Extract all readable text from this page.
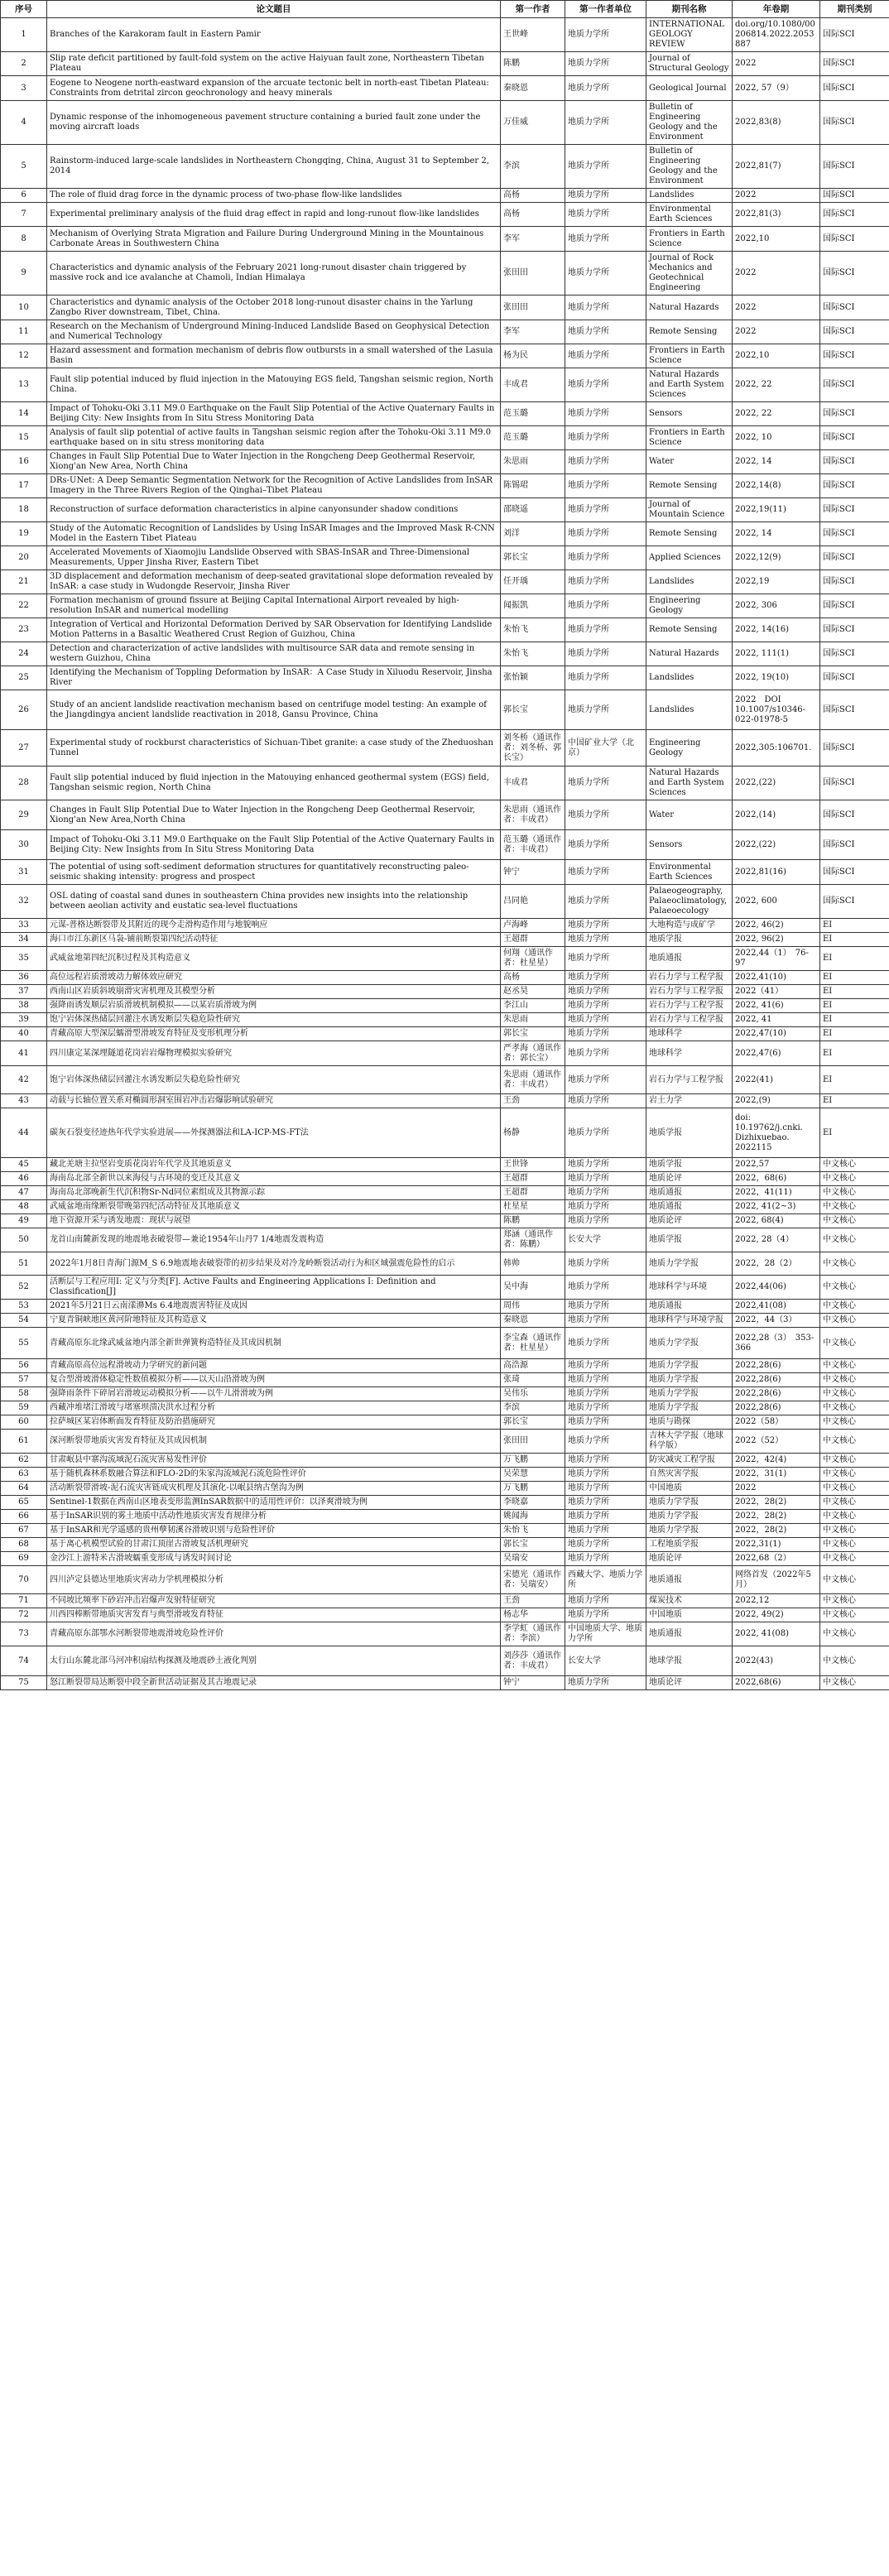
序号	论文题目	第一作者	第一作者单位	期刊名称	年卷期	期刊类别
1	Branches of the Karakoram fault in Eastern Pamir	王世峰	地质力学所	INTERNATIONAL GEOLOGY REVIEW	doi.org/10.1080/00206814.2022.2053887	国际SCI
2	Slip rate deficit partitioned by fault-fold system on the active Haiyuan fault zone, Northeastern Tibetan Plateau	陈鹏	地质力学所	Journal of Structural Geology	2022	国际SCI
3	Eogene to Neogene north-eastward expansion of the arcuate tectonic belt in north-east Tibetan Plateau: Constraints from detrital zircon geochronology and heavy minerals	秦晓恩	地质力学所	Geological Journal	2022, 57（9）	国际SCI
4	Dynamic response of the inhomogeneous pavement structure containing a buried fault zone under the moving aircraft loads	万佳威	地质力学所	Bulletin of Engineering Geology and the Environment	2022,83(8)	国际SCI
5	Rainstorm-induced large-scale landslides in Northeastern Chongqing, China, August 31 to September 2, 2014	李滨	地质力学所	Bulletin of Engineering Geology and the Environment	2022,81(7)	国际SCI
6	The role of fluid drag force in the dynamic process of two-phase flow-like landslides	高杨	地质力学所	Landslides	2022	国际SCI
7	Experimental preliminary analysis of the fluid drag effect in rapid and long-runout flow-like landslides	高杨	地质力学所	Environmental Earth Sciences	2022,81(3)	国际SCI
8	Mechanism of Overlying Strata Migration and Failure During Underground Mining in the Mountainous Carbonate Areas in Southwestern China	李军	地质力学所	Frontiers in Earth Science	2022,10	国际SCI
9	Characteristics and dynamic analysis of the February 2021 long-runout disaster chain triggered by massive rock and ice avalanche at Chamoli, Indian Himalaya	张田田	地质力学所	Journal of Rock Mechanics and Geotechnical Engineering	2022	国际SCI
10	Characteristics and dynamic analysis of the October 2018 long-runout disaster chains in the Yarlung Zangbo River downstream, Tibet, China.	张田田	地质力学所	Natural Hazards	2022	国际SCI
11	Research on the Mechanism of Underground Mining-Induced Landslide Based on Geophysical Detection and Numerical Technology	李军	地质力学所	Remote Sensing	2022	国际SCI
12	Hazard assessment and formation mechanism of debris flow outbursts in a small watershed of the Lasuia Basin	杨为民	地质力学所	Frontiers in Earth Science	2022,10	国际SCI
13	Fault slip potential induced by fluid injection in the Matouying EGS field, Tangshan seismic region, North China.	丰成君	地质力学所	Natural Hazards and Earth System Sciences	2022, 22	国际SCI
14	Impact of Tohoku-Oki 3.11 M9.0 Earthquake on the Fault Slip Potential of the Active Quaternary Faults in Beijing City: New Insights from In Situ Stress Monitoring Data	范玉璐	地质力学所	Sensors	2022, 22	国际SCI
15	Analysis of fault slip potential of active faults in Tangshan seismic region after the Tohoku-Oki 3.11 M9.0 earthquake based on in situ stress monitoring data	范玉璐	地质力学所	Frontiers in Earth Science	2022, 10	国际SCI
16	Changes in Fault Slip Potential Due to Water Injection in the Rongcheng Deep Geothermal Reservoir, Xiong'an New Area, North China	朱思雨	地质力学所	Water	2022, 14	国际SCI
17	DRs-UNet: A Deep Semantic Segmentation Network for the Recognition of Active Landslides from InSAR Imagery in the Three Rivers Region of the Qinghai–Tibet Plateau	陈锡珺	地质力学所	Remote Sensing	2022,14(8)	国际SCI
18	Reconstruction of surface deformation characteristics in alpine canyonsunder shadow conditions	邵晓遥	地质力学所	Journal of Mountain Science	2022,19(11)	国际SCI
19	Study of the Automatic Recognition of Landslides by Using InSAR Images and the Improved Mask R-CNN Model in the Eastern Tibet Plateau	刘洋	地质力学所	Remote Sensing	2022, 14	国际SCI
20	Accelerated Movements of Xiaomojiu Landslide Observed with SBAS-InSAR and Three-Dimensional Measurements, Upper Jinsha River, Eastern Tibet	郭长宝	地质力学所	Applied Sciences	2022,12(9)	国际SCI
21	3D displacement and deformation mechanism of deep-seated gravitational slope deformation revealed by InSAR: a case study in Wudongde Reservoir, Jinsha River	任开瑀	地质力学所	Landslides	2022,19	国际SCI
22	Formation mechanism of ground fissure at Beijing Capital International Airport revealed by high-resolution InSAR and numerical modelling	闻振凯	地质力学所	Engineering Geology	2022, 306	国际SCI
23	Integration of Vertical and Horizontal Deformation Derived by SAR Observation for Identifying Landslide Motion Patterns in a Basaltic Weathered Crust Region of Guizhou, China	朱怡飞	地质力学所	Remote Sensing	2022, 14(16)	国际SCI
24	Detection and characterization of active landslides with multisource SAR data and remote sensing in western Guizhou, China	朱怡飞	地质力学所	Natural Hazards	2022, 111(1)	国际SCI
25	Identifying the Mechanism of Toppling Deformation by InSAR：A Case Study in Xiluodu Reservoir, Jinsha River	张怡颖	地质力学所	Landslides	2022, 19(10)	国际SCI
26	Study of an ancient landslide reactivation mechanism based on centrifuge model testing: An example of the Jiangdingya ancient landslide reactivation in 2018, Gansu Province, China	郭长宝	地质力学所	Landslides	2022　DOI 10.1007/s10346-022-01978-5	国际SCI
27	Experimental study of rockburst characteristics of Sichuan-Tibet granite: a case study of the Zheduoshan Tunnel	刘冬桥（通讯作者：刘冬桥、郭长宝）	中国矿业大学（北京）	Engineering Geology	2022,305:106701.	国际SCI
28	Fault slip potential induced by fluid injection in the Matouying enhanced geothermal system (EGS) field, Tangshan seismic region, North China	丰成君	地质力学所	Natural Hazards and Earth System Sciences	2022,(22)	国际SCI
29	Changes in Fault Slip Potential Due to Water Injection in the Rongcheng Deep Geothermal Reservoir, Xiong'an New Area,North China	朱思雨（通讯作者：丰成君）	地质力学所	Water	2022,(14)	国际SCI
30	Impact of Tohoku-Oki 3.11 M9.0 Earthquake on the Fault Slip Potential of the Active Quaternary Faults in Beijing City: New Insights from In Situ Stress Monitoring Data	范玉璐（通讯作者：丰成君）	地质力学所	Sensors	2022,(22)	国际SCI
31	The potential of using soft-sediment deformation structures for quantitatively reconstructing paleo-seismic shaking intensity: progress and prospect	钟宁	地质力学所	Environmental Earth Sciences	2022,81(16)	国际SCI
32	OSL dating of coastal sand dunes in southeastern China provides new insights into the relationship between aeolian activity and eustatic sea-level fluctuations	吕同艳	地质力学所	Palaeogeography, Palaeoclimatology, Palaeoecology	2022, 600	国际SCI
33	元谋-普格达断裂带及其附近的现今走滑构造作用与地貌响应	卢海峰	地质力学所	大地构造与成矿学	2022, 46(2)	EI
34	海口市江东新区马袅-铺前断裂第四纪活动特征	王超群	地质力学所	地质学报	2022, 96(2)	EI
35	武威盆地第四纪沉积过程及其构造意义	何翔（通讯作者：杜星星）	地质力学所	地质通报	2022,44（1）　76-97	EI
36	高位远程岩质滑坡动力解体效应研究	高杨	地质力学所	岩石力学与工程学报	2022,41(10)	EI
37	西南山区岩质斜坡崩滑灾害机理及其模型分析	赵丞昊	地质力学所	岩石力学与工程学报	2022（41）	EI
38	强降雨诱发顺层岩质滑坡机制模拟——以某岩质滑坡为例	李江山	地质力学所	岩石力学与工程学报	2022, 41(6)	EI
39	饱宁岩体深热储层回灌注水诱发断层失稳危险性研究	朱思雨	地质力学所	岩石力学与工程学报	2022, 41	EI
40	青藏高原大型深层蠕滑型滑坡发育特征及变形机理分析	郭长宝	地质力学所	地球科学	2022,47(10)	EI
41	四川康定某深埋隧道花岗岩岩爆物理模拟实验研究	严孝海（通讯作者：郭长宝）	地质力学所	地球科学	2022,47(6)	EI
42	饱宁岩体深热储层回灌注水诱发断层失稳危险性研究	朱思雨（通讯作者：丰成君）	地质力学所	岩石力学与工程学报	2022(41)	EI
43	动载与长轴位置关系对椭圆形洞室围岩冲击岩爆影响试验研究	王劲	地质力学所	岩土力学	2022,(9)	EI
44	碳灰石裂变径迹热年代学实验进展——外探测器法和LA-ICP-MS-FT法	杨静	地质力学所	地质学报	doi: 10.19762/j.cnki. Dizhixuebao. 2022115	EI
45	藏北羌塘主拉坚岩变质花岗岩年代学及其地质意义	王世锋	地质力学所	地质学报	2022,57	中文核心
46	海南岛北部全新世以来海侵与古环境的变迁及其意义	王超群	地质力学所	地质论评	2022，68(6)	中文核心
47	海南岛北部晚新生代沉积物Sr-Nd同位素组成及其物源示踪	王超群	地质力学所	地质通报	2022，41(11)	中文核心
48	武威盆地南缘断裂带晚第四纪活动特征及其地质意义	杜星星	地质力学所	地质通报	2022, 41(2~3)	中文核心
49	地下资源开采与诱发地震：现状与展望	陈鹏	地质力学所	地质论评	2022, 68(4)	中文核心
50	龙首山南麓新发现的地震地表破裂带—兼论1954年山丹7 1/4地震发震构造	郑涵（通讯作者：陈鹏）	长安大学	地质学报	2022, 28（4）	中文核心
51	2022年1月8日青海门源M_S 6.9地震地表破裂带的初步结果及对冷龙岭断裂活动行为和区域强震危险性的启示	韩帅	地质力学所	地质力学学报	2022，28（2）	中文核心
52	活断层与工程应用I: 定义与分类[F]. Active Faults and Engineering Applications I: Definition and Classification[J]	吴中海	地质力学所	地球科学与环境	2022,44(06)	中文核心
53	2021年5月21日云南漾濞Ms 6.4地震震害特征及成因	周伟	地质力学所	地质通报	2022,41(08)	中文核心
54	宁夏青铜峡地区黄河阶地特征及其构造意义	秦晓恩	地质力学所	地球科学与环境学报	2022，44（3）	中文核心
55	青藏高原东北缘武威盆地内部全新世弹簧构造特征及其成因机制	李宝森（通讯作者：杜星星）	地质力学所	地质力学学报	2022,28（3）　353-366	中文核心
56	青藏高原高位远程滑坡动力学研究的新问题	高浩源	地质力学所	地质力学学报	2022,28(6)	中文核心
57	复合型滑坡滑体稳定性数值模拟分析——以天山沿滑坡为例	张琦	地质力学所	地质力学学报	2022,28(6)	中文核心
58	强降雨条件下碎屑岩滑坡运动模拟分析——以牛儿滑滑坡为例	吴伟乐	地质力学所	地质力学学报	2022,28(6)	中文核心
59	西藏冲堆堵江滑坡与堵塞坝溃决洪水过程分析	李滨	地质力学所	地质力学学报	2022,28(6)	中文核心
60	拉萨城区某岩体断面发育特征及防治措施研究	郭长宝	地质力学所	地质与勘探	2022（58）	中文核心
61	深河断裂带地质灾害发育特征及其成因机制	张田田	地质力学所	吉林大学学报（地球科学版）	2022（52）	中文核心
62	甘肃岷县中寨沟流域泥石流灾害易发性评价	万飞鹏	地质力学所	防灾减灾工程学报	2022，42(4)	中文核心
63	基于随机森林系数融合算法和FLO-2D的朱家沟流域泥石流危险性评价	吴荣慧	地质力学所	自然灾害学报	2022，31(1)	中文核心
64	活动断裂带滑坡-泥石流灾害链成灾机理及其演化-以岷县纳古堡沟为例	万飞鹏	地质力学所	中国地质	2022	中文核心
65	Sentinel-1数据在西南山区地表变形监测InSAR数据中的适用性评价：以泽爽滑坡为例	李晓嘉	地质力学所	地质力学学报	2022，28(2)	中文核心
66	基于InSAR识别的雾土地质中活动性地质灾害发育规律分析	姚闻海	地质力学所	地质力学学报	2022，28(2)	中文核心
67	基于InSAR和光学遥感的贵州孽韧溪谷滑坡识别与危险性评价	朱怡飞	地质力学所	地质力学学报	2022，28(2)	中文核心
68	基于离心机模型试验的甘肃江顶崖古滑坡复活机理研究	郭长宝	地质力学所	工程地质学报	2022,31(1)	中文核心
69	金沙江上游特米古滑坡蠕重变形成与诱发时间讨论	吴瑞安	地质力学所	地质论评	2022,68（2）	中文核心
70	四川泸定县德达里地质灾害动力学机理模拟分析	宋德光（通讯作者：吴瑞安）	西藏大学、地质力学所	地质通报	网络首发（2022年5月）	中文核心
71	不同坡比频率下砂岩冲击岩爆声发射特征研究	王劲	地质力学所	煤炭技术	2022,12	中文核心
72	川西四棒断带地质灾害发育与典型滑坡发育特征	杨志华	地质力学所	中国地质	2022, 49(2)	中文核心
73	青藏高原东部鄂水河断裂带地震滑坡危险性评价	李学虹（通讯作者：李滨）	中国地质大学、地质力学所	地质通报	2022, 41(08)	中文核心
74	太行山东麓北部马河冲积扇结构探测及地震砂土液化判别	刘莎莎（通讯作者：丰成君）	长安大学	地球学报	2022(43)	中文核心
75	怒江断裂带局达断裂中段全新世活动证据及其古地震记录	钟宁	地质力学所	地质论评	2022,68(6)	中文核心
